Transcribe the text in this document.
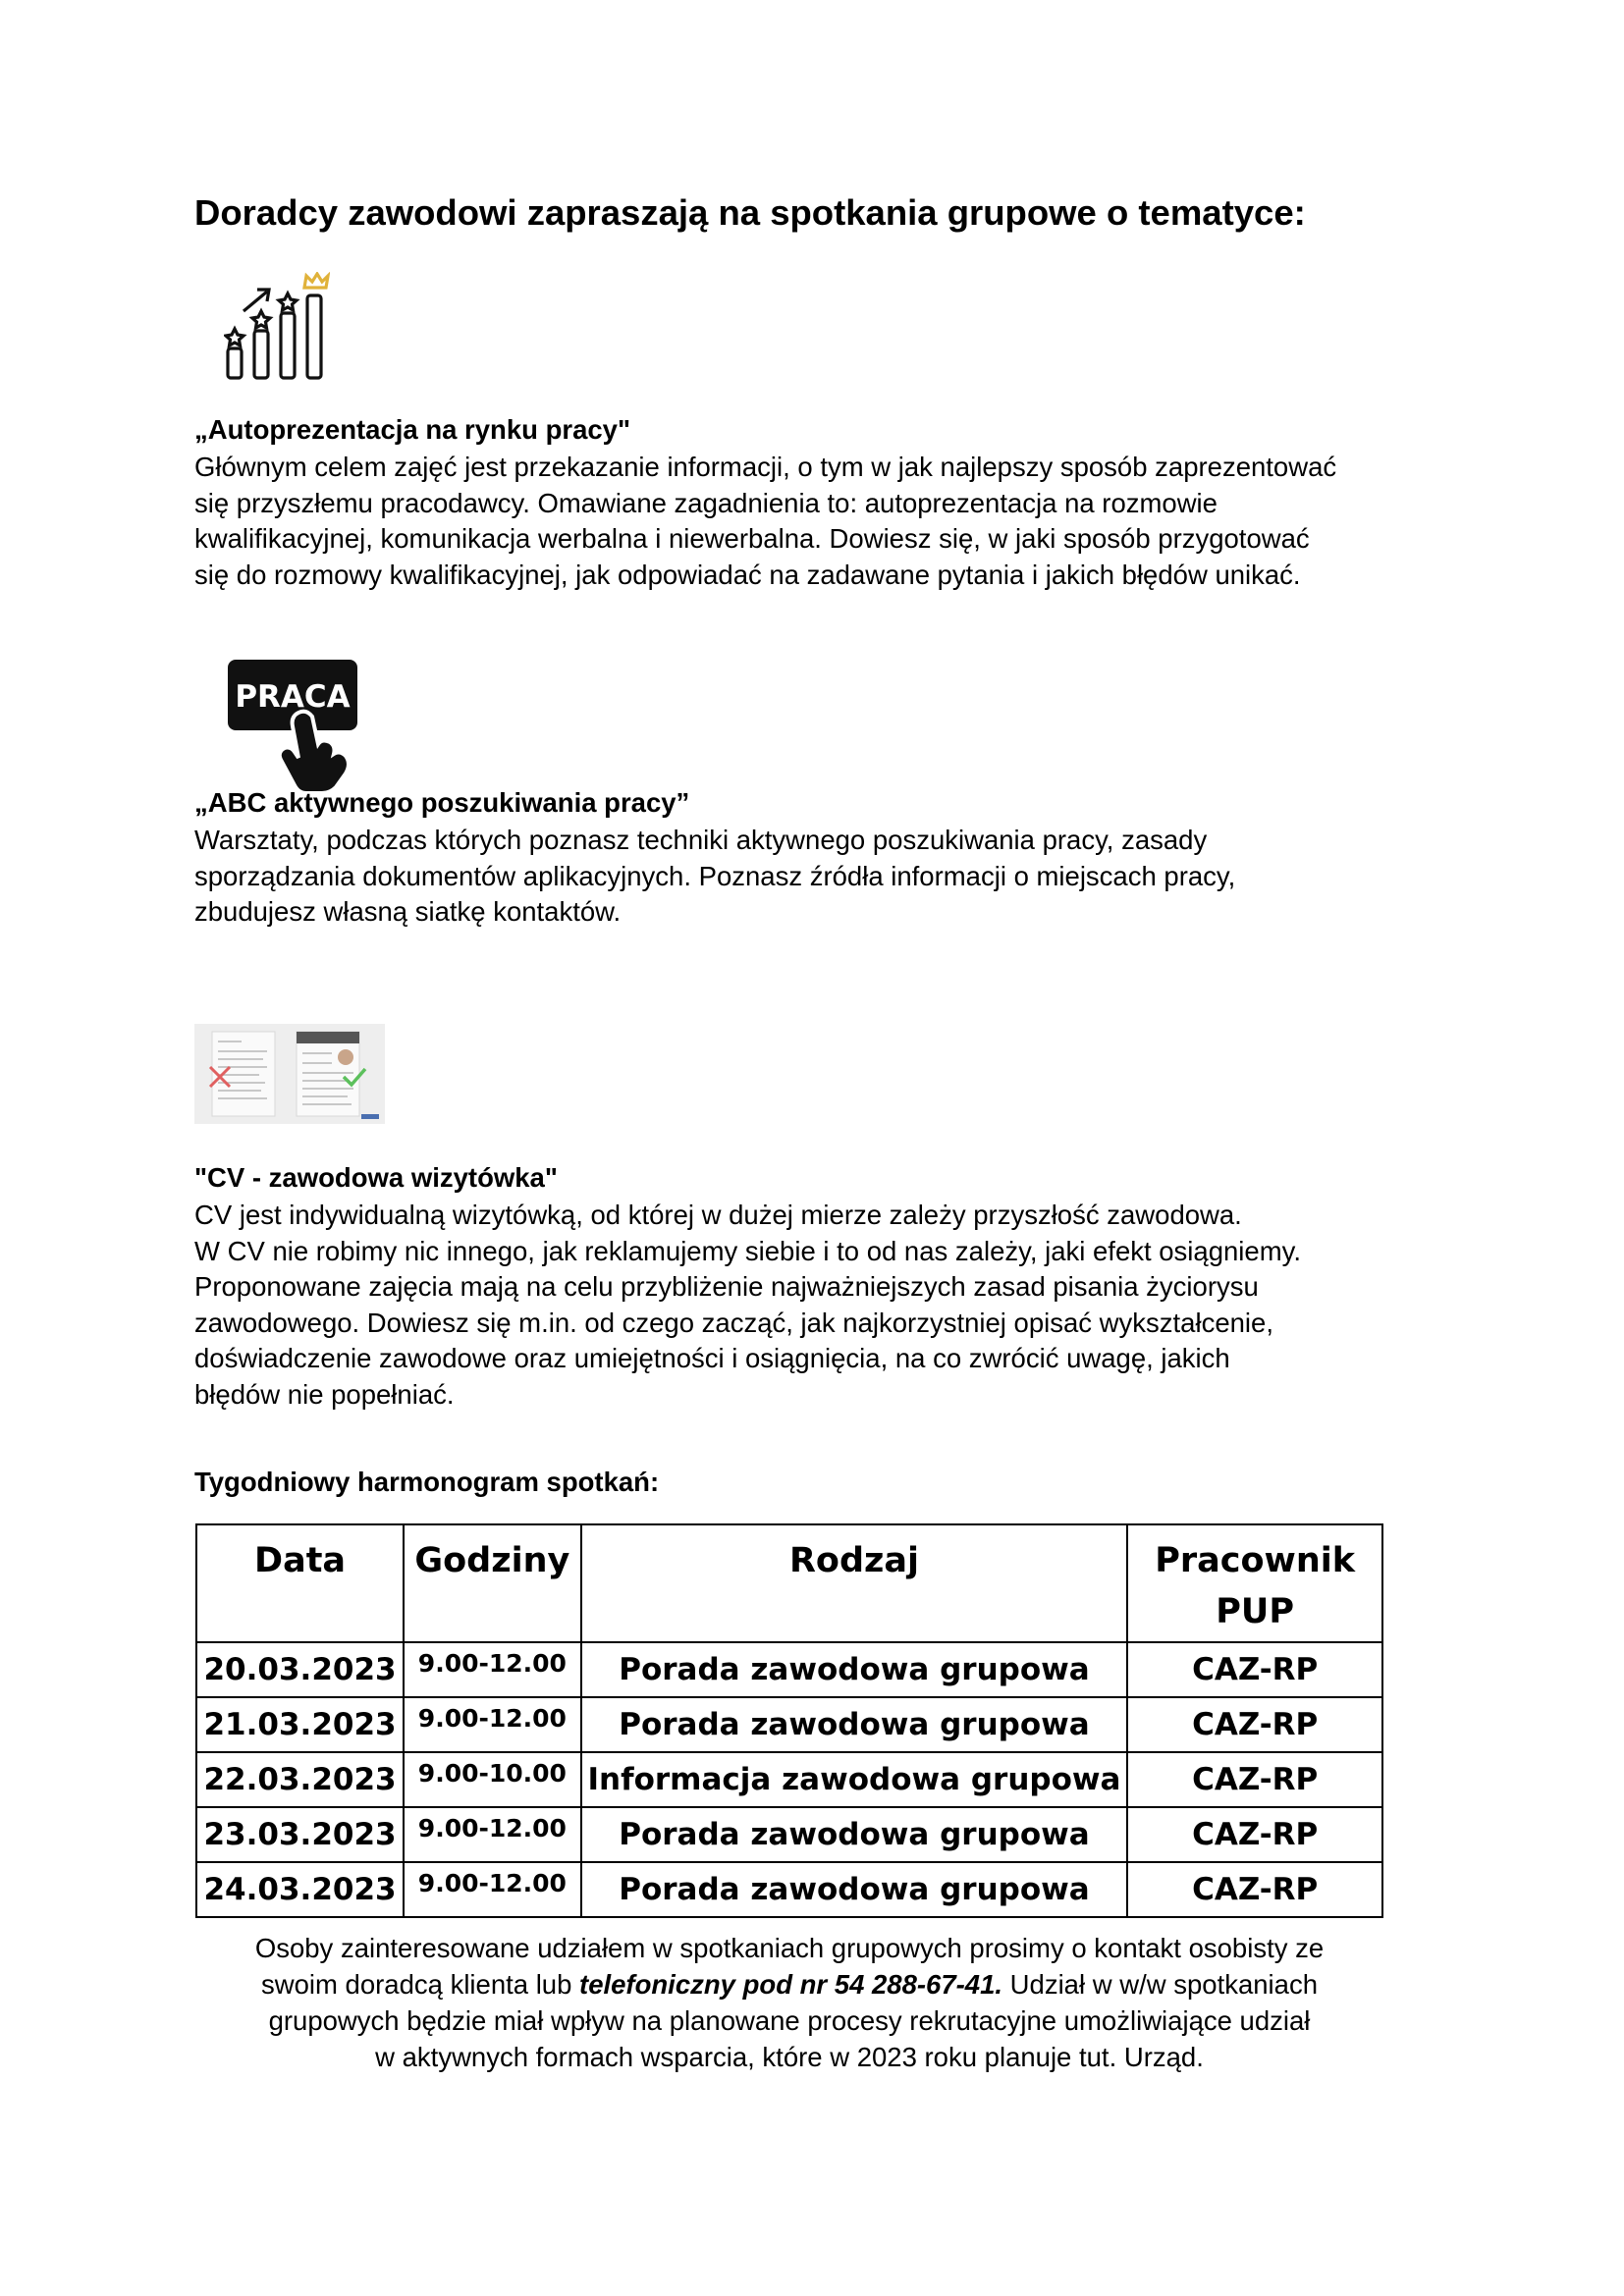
Doradcy zawodowi zapraszają na spotkania grupowe o tematyce:
„Autoprezentacja na rynku pracy"
Głównym celem zajęć jest przekazanie informacji, o tym w jak najlepszy sposób zaprezentować
się przyszłemu pracodawcy. Omawiane zagadnienia to: autoprezentacja na rozmowie
kwalifikacyjnej, komunikacja werbalna i niewerbalna. Dowiesz się, w jaki sposób przygotować
się do rozmowy kwalifikacyjnej, jak odpowiadać na zadawane pytania i jakich błędów unikać.
PRACA
„ABC aktywnego poszukiwania pracy”
Warsztaty, podczas których poznasz techniki aktywnego poszukiwania pracy, zasady
sporządzania dokumentów aplikacyjnych. Poznasz źródła informacji o miejscach pracy,
zbudujesz własną siatkę kontaktów.
"CV - zawodowa wizytówka"
CV jest indywidualną wizytówką, od której w dużej mierze zależy przyszłość zawodowa.
W CV nie robimy nic innego, jak reklamujemy siebie i to od nas zależy, jaki efekt osiągniemy.
Proponowane zajęcia mają na celu przybliżenie najważniejszych zasad pisania życiorysu
zawodowego. Dowiesz się m.in. od czego zacząć, jak najkorzystniej opisać wykształcenie,
doświadczenie zawodowe oraz umiejętności i osiągnięcia, na co zwrócić uwagę, jakich
błędów nie popełniać.
Tygodniowy harmonogram spotkań:
Data	Godziny	Rodzaj	Pracownik PUP
20.03.2023	9.00-12.00	Porada zawodowa grupowa	CAZ-RP
21.03.2023	9.00-12.00	Porada zawodowa grupowa	CAZ-RP
22.03.2023	9.00-10.00	Informacja zawodowa grupowa	CAZ-RP
23.03.2023	9.00-12.00	Porada zawodowa grupowa	CAZ-RP
24.03.2023	9.00-12.00	Porada zawodowa grupowa	CAZ-RP
Osoby zainteresowane udziałem w spotkaniach grupowych prosimy o kontakt osobisty ze
swoim doradcą klienta lub telefoniczny pod nr 54 288-67-41. Udział w w/w spotkaniach
grupowych będzie miał wpływ na planowane procesy rekrutacyjne umożliwiające udział
w aktywnych formach wsparcia, które w 2023 roku planuje tut. Urząd.
